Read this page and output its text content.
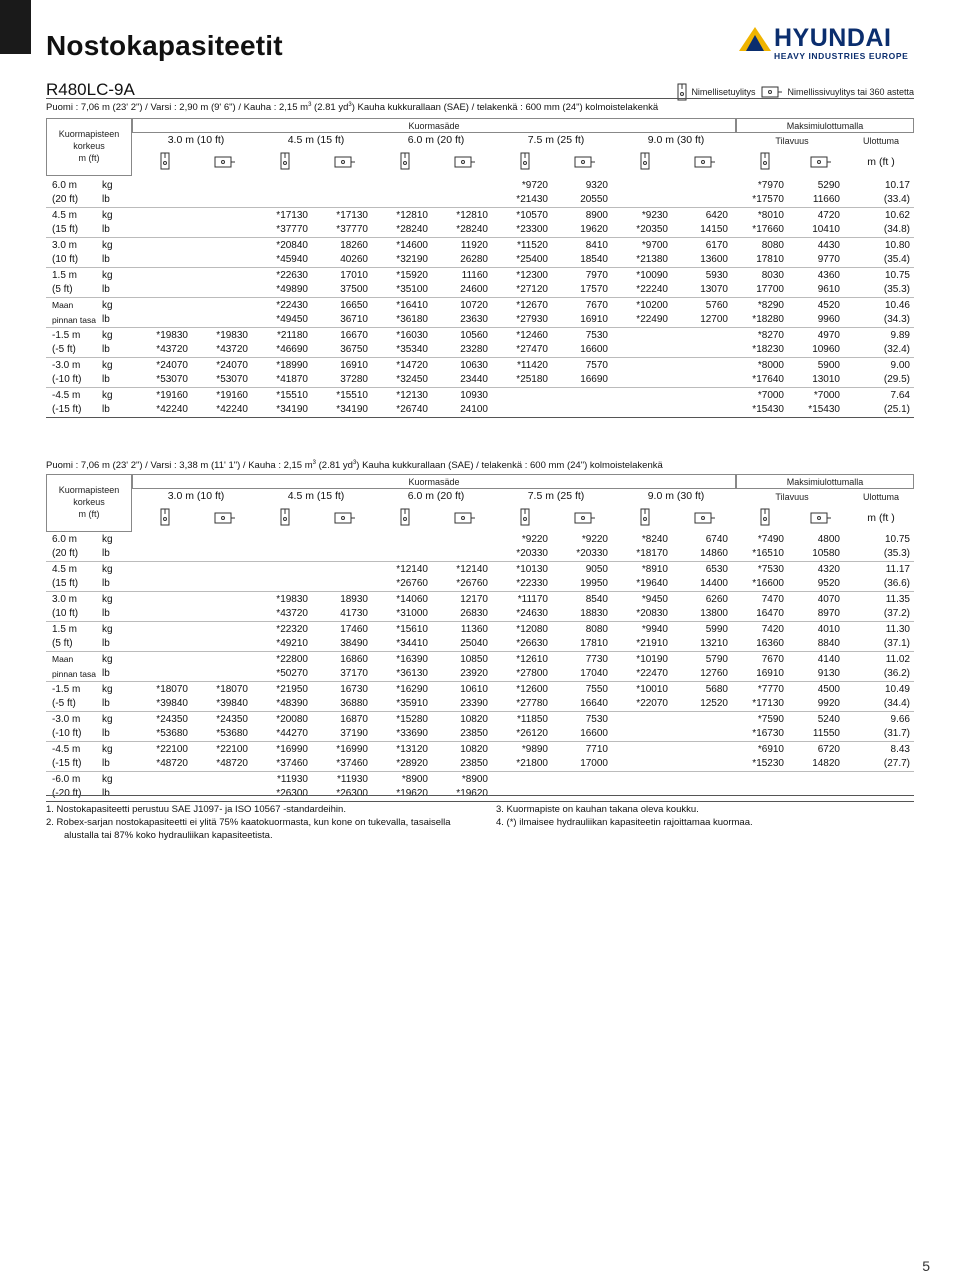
Nostokapasiteetit	HYUNDAI
HEAVY INDUSTRIES EUROPE
R480LC-9A	Nimellisetuylitys	Nimellissivuylitys tai 360 astetta
Puomi : 7,06 m (23' 2") / Varsi : 2,90 m (9' 6") / Kauha : 2,15 $m^3$ (2.81 $yd^3$) Kauha kukkurallaan (SAE) / telakenkä : 600 mm (24") kolmoistelakenkä
Kuormapisteen
korkeus
m (ft)
Kuormasäde	Maksimiulottumalla
Tilavuus	Ulottuma
3.0 m (10 ft)	4.5 m (15 ft)	6.0 m (20 ft)	7.5 m (25 ft)	9.0 m (30 ft)
m (ft )
6.0 m	kg							*9720	9320			*7970	5290	10.17
(20 ft)	lb							*21430	20550			*17570	11660	(33.4)
4.5 m	kg			*17130	*17130	*12810	*12810	*10570	8900	*9230	6420	*8010	4720	10.62
(15 ft)	lb			*37770	*37770	*28240	*28240	*23300	19620	*20350	14150	*17660	10410	(34.8)
3.0 m	kg			*20840	18260	*14600	11920	*11520	8410	*9700	6170	8080	4430	10.80
(10 ft)	lb			*45940	40260	*32190	26280	*25400	18540	*21380	13600	17810	9770	(35.4)
1.5 m	kg			*22630	17010	*15920	11160	*12300	7970	*10090	5930	8030	4360	10.75
(5 ft)	lb			*49890	37500	*35100	24600	*27120	17570	*22240	13070	17700	9610	(35.3)
Maan	kg			*22430	16650	*16410	10720	*12670	7670	*10200	5760	*8290	4520	10.46
pinnan tasa	lb			*49450	36710	*36180	23630	*27930	16910	*22490	12700	*18280	9960	(34.3)
-1.5 m	kg	*19830	*19830	*21180	16670	*16030	10560	*12460	7530			*8270	4970	9.89
(-5 ft)	lb	*43720	*43720	*46690	36750	*35340	23280	*27470	16600			*18230	10960	(32.4)
-3.0 m	kg	*24070	*24070	*18990	16910	*14720	10630	*11420	7570			*8000	5900	9.00
(-10 ft)	lb	*53070	*53070	*41870	37280	*32450	23440	*25180	16690			*17640	13010	(29.5)
-4.5 m	kg	*19160	*19160	*15510	*15510	*12130	10930					*7000	*7000	7.64
(-15 ft)	lb	*42240	*42240	*34190	*34190	*26740	24100					*15430	*15430	(25.1)
Puomi : 7,06 m (23' 2") / Varsi : 3,38 m (11' 1") / Kauha : 2,15 $m^3$ (2.81 $yd^3$) Kauha kukkurallaan (SAE) / telakenkä : 600 mm (24") kolmoistelakenkä
Kuormapisteen
korkeus
m (ft)
Kuormasäde	Maksimiulottumalla
Tilavuus	Ulottuma
3.0 m (10 ft)	4.5 m (15 ft)	6.0 m (20 ft)	7.5 m (25 ft)	9.0 m (30 ft)
m (ft )
6.0 m	kg							*9220	*9220	*8240	6740	*7490	4800	10.75
(20 ft)	lb							*20330	*20330	*18170	14860	*16510	10580	(35.3)
4.5 m	kg					*12140	*12140	*10130	9050	*8910	6530	*7530	4320	11.17
(15 ft)	lb					*26760	*26760	*22330	19950	*19640	14400	*16600	9520	(36.6)
3.0 m	kg			*19830	18930	*14060	12170	*11170	8540	*9450	6260	7470	4070	11.35
(10 ft)	lb			*43720	41730	*31000	26830	*24630	18830	*20830	13800	16470	8970	(37.2)
1.5 m	kg			*22320	17460	*15610	11360	*12080	8080	*9940	5990	7420	4010	11.30
(5 ft)	lb			*49210	38490	*34410	25040	*26630	17810	*21910	13210	16360	8840	(37.1)
Maan	kg			*22800	16860	*16390	10850	*12610	7730	*10190	5790	7670	4140	11.02
pinnan tasa	lb			*50270	37170	*36130	23920	*27800	17040	*22470	12760	16910	9130	(36.2)
-1.5 m	kg	*18070	*18070	*21950	16730	*16290	10610	*12600	7550	*10010	5680	*7770	4500	10.49
(-5 ft)	lb	*39840	*39840	*48390	36880	*35910	23390	*27780	16640	*22070	12520	*17130	9920	(34.4)
-3.0 m	kg	*24350	*24350	*20080	16870	*15280	10820	*11850	7530			*7590	5240	9.66
(-10 ft)	lb	*53680	*53680	*44270	37190	*33690	23850	*26120	16600			*16730	11550	(31.7)
-4.5 m	kg	*22100	*22100	*16990	*16990	*13120	10820	*9890	7710			*6910	6720	8.43
(-15 ft)	lb	*48720	*48720	*37460	*37460	*28920	23850	*21800	17000			*15230	14820	(27.7)
-6.0 m	kg			*11930	*11930	*8900	*8900							
(-20 ft)	lb			*26300	*26300	*19620	*19620							
1. Nostokapasiteetti perustuu SAE J1097- ja ISO 10567 -standardeihin.
2. Robex-sarjan nostokapasiteetti ei ylitä 75% kaatokuormasta, kun kone on tukevalla, tasaisella
alustalla tai 87% koko hydrauliikan kapasiteetista.
3. Kuormapiste on kauhan takana oleva koukku.
4. (*) ilmaisee hydrauliikan kapasiteetin rajoittamaa kuormaa.
5
